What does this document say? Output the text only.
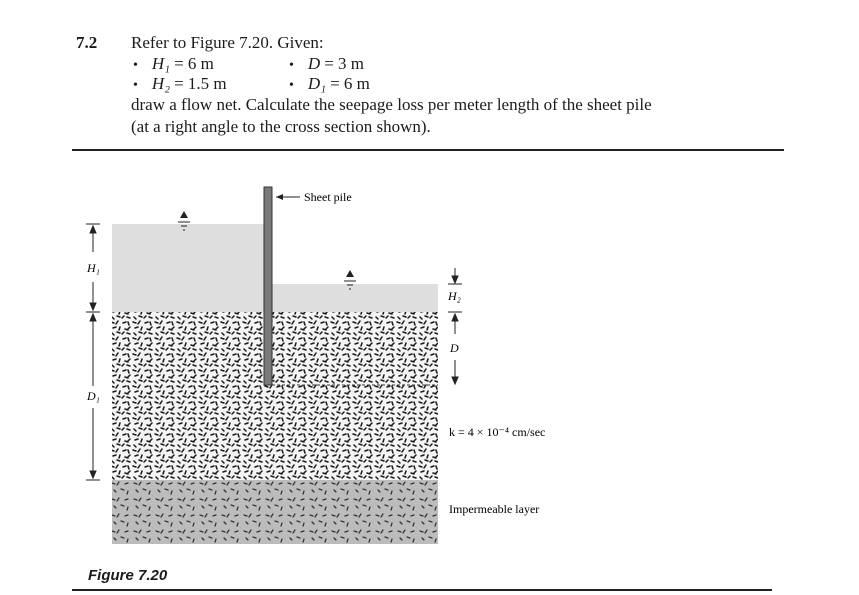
7.2 Refer to Figure 7.20. Given:
• H₁ = 6 m	• D = 3 m
• H₂ = 1.5 m	• D₁ = 6 m
draw a flow net. Calculate the seepage loss per meter length of the sheet pile
(at a right angle to the cross section shown).
Sheet pile
H₁
D₁
H₂
D
k = 4 × 10⁻⁴ cm/sec
Impermeable layer
Figure 7.20
